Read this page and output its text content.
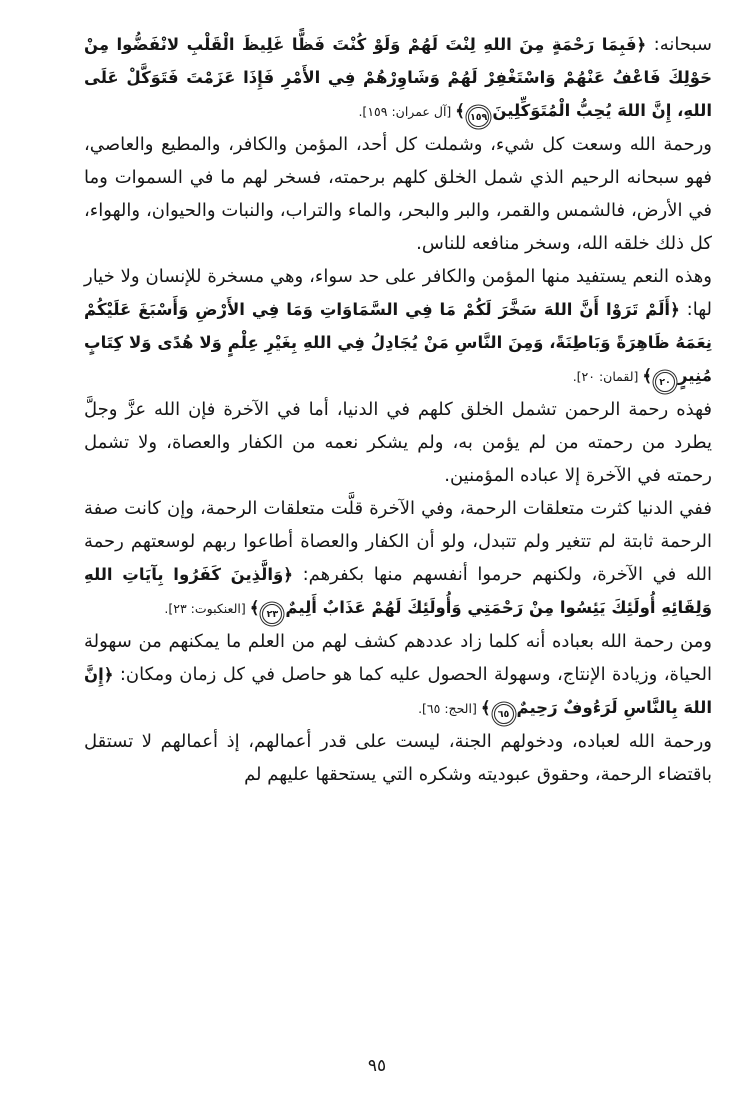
سبحانه: ﴿فَبِمَا رَحْمَةٍ مِنَ اللهِ لِنْتَ لَهُمْ وَلَوْ كُنْتَ فَظًّا غَلِيظَ الْقَلْبِ لانْفَضُّوا مِنْ حَوْلِكَ فَاعْفُ عَنْهُمْ وَاسْتَغْفِرْ لَهُمْ وَشَاوِرْهُمْ فِي الأَمْرِ فَإِذَا عَزَمْتَ فَتَوَكَّلْ عَلَى اللهِ، إِنَّ اللهَ يُحِبُّ الْمُتَوَكِّلِينَ١٥٩﴾ [آل عمران: ١٥٩].

ورحمة الله وسعت كل شيء، وشملت كل أحد، المؤمن والكافر، والمطيع والعاصي، فهو سبحانه الرحيم الذي شمل الخلق كلهم برحمته، فسخر لهم ما في السموات وما في الأرض، فالشمس والقمر، والبر والبحر، والماء والتراب، والنبات والحيوان، والهواء، كل ذلك خلقه الله، وسخر منافعه للناس.

وهذه النعم يستفيد منها المؤمن والكافر على حد سواء، وهي مسخرة للإنسان ولا خيار لها: ﴿أَلَمْ تَرَوْا أَنَّ اللهَ سَخَّرَ لَكُمْ مَا فِي السَّمَاوَاتِ وَمَا فِي الأَرْضِ وَأَسْبَغَ عَلَيْكُمْ نِعَمَهُ ظَاهِرَةً وَبَاطِنَةً، وَمِنَ النَّاسِ مَنْ يُجَادِلُ فِي اللهِ بِغَيْرِ عِلْمٍ وَلا هُدًى وَلا كِتَابٍ مُنِيرٍ٢٠﴾ [لقمان: ٢٠].

فهذه رحمة الرحمن تشمل الخلق كلهم في الدنيا، أما في الآخرة فإن الله عزَّ وجلَّ يطرد من رحمته من لم يؤمن به، ولم يشكر نعمه من الكفار والعصاة، ولا تشمل رحمته في الآخرة إلا عباده المؤمنين.

ففي الدنيا كثرت متعلقات الرحمة، وفي الآخرة قلَّت متعلقات الرحمة، وإن كانت صفة الرحمة ثابتة لم تتغير ولم تتبدل، ولو أن الكفار والعصاة أطاعوا ربهم لوسعتهم رحمة الله في الآخرة، ولكنهم حرموا أنفسهم منها بكفرهم: ﴿وَالَّذِينَ كَفَرُوا بِآيَاتِ اللهِ وَلِقَائِهِ أُولَئِكَ يَئِسُوا مِنْ رَحْمَتِي وَأُولَئِكَ لَهُمْ عَذَابٌ أَلِيمٌ٢٣﴾ [العنكبوت: ٢٣].

ومن رحمة الله بعباده أنه كلما زاد عددهم كشف لهم من العلم ما يمكنهم من سهولة الحياة، وزيادة الإنتاج، وسهولة الحصول عليه كما هو حاصل في كل زمان ومكان: ﴿إِنَّ اللهَ بِالنَّاسِ لَرَءُوفٌ رَحِيمٌ٦٥﴾ [الحج: ٦٥].

ورحمة الله لعباده، ودخولهم الجنة، ليست على قدر أعمالهم، إذ أعمالهم لا تستقل باقتضاء الرحمة، وحقوق عبوديته وشكره التي يستحقها عليهم لم

٩٥
